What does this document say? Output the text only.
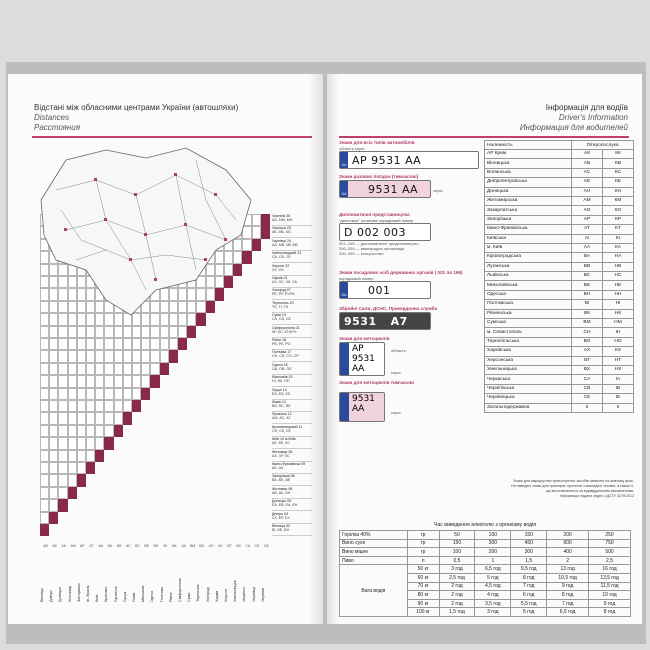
Відстані між обласними центрами України (автошляхи)
Distances
Расстояния
Вінниця
АВ
Дніпро
АЕ
Донецьк
АН
Житомир
АМ
Запоріжжя
АР
Ів.-Франк.
АТ
Київ
АА
Кропивн.
ВА
Луганськ
ВВ
Луцьк
АС
Львів
ВС
Миколаїв
ВЕ
Одеса
ВН
Полтава
ВІ
Рівне
ВК
Сімферополь
АК
Суми
ВМ
Тернопіль
ВО
Ужгород
АО
Харків
АХ
Херсон
ВТ
Хмельницьк.
ВХ
Черкаси
СА
Чернівці
СЕ
Чернігів
СВ
Чернігів 26
АА, ММ, МН
Черкаси 25
АК, МБ, МС
Чернівці 24
АА, МВ, МЕ,МЕ
Хмельницький 23
СА, СВ, СЕ
Херсон 22
ХЗ, ХН
Харків 21
АХ, ХС, ХК, ХА
Ужгород 07
РЕ, РР, РУ,РА
Тернопіль 20
ТЕ, ТІ, ТК
Суми 19
СА, СВ, СЕ
Сімферополь 01
КР, КС, КТ,КРН
Рівне 18
РВ, РК, РО
Полтава 17
СН, СН, СО, СР
Одеса 16
ОА, ОВ, ОЕ
Миколаїв 15
НІ, НК, НП
Луцьк 14
ЕА, ЕВ, ЕЕ
Львів 13
ВО, ВС, ВЕ
Луганськ 12
АМ, АС, АТ
Кропивницький 11
СН, СК, СЕ
Київ 10 м.Київ
АЕ, КЕ, КС
Житомир 06
АХ, ХР, ХС
Івано-Франківськ 09
АЕ, АК
Запоріжжя 08
ВА, ВЕ, ВЕ
Житомир 06
АВ, АК, АН
Донецьк 05
ЕА, ЕВ, ЕА, ЕН
Дніпро 04
СХ, ЕР, ЕХ
Вінниця 02
ВІ, ВЕ, ВН
Інформація для водіїв
Driver's Information
Информация для водителей
Знаки для всіх типів автомобілів
область серія
UA АР 9531 АА
Знаки разових поїздок (тимчасові)
UA 9531 АА	серія
Дипломатичні представництва
"дипломат" установа порядковий номер
D 002 003
001–199 — дипломатичне представництво
200–299 — міжнародна організація
300–399 — консульство
Знаки посадових осіб державних органів ( 001 по 199)
порядковий номер
UA 001
Збройні Сили, ДСНС, Прикордонна служба
9531 А7
Знаки для мотоциклів
АР
9531
АА
область
серія
Знаки для мотоциклів тимчасові
9531
АА	серія
Належність	Літеропослука	
АР Крим	АК	КК
Вінницька	АВ	КВ
Волинська	АС	КС
Дніпропетровська	АЕ	КЕ
Донецька	АН	КН
Житомирська	АМ	КМ
Закарпатська	АО	КО
Запорізька	АР	КР
Івано-Франківська	АТ	КТ
Київська	АІ	КІ
м. Київ	АА	КА
Кіровоградська	ВА	НА
Луганська	ВВ	НВ
Львівська	ВС	НС
Миколаївська	ВЕ	НЕ
Одеська	ВН	НН
Полтавська	ВІ	НІ
Рівненська	ВК	НК
Сумська	ВМ	НМ
м. Севастополь	СН	ІН
Тернопільська	ВО	НО
Харківська	АХ	КХ
Херсонська	ВТ	НТ
Хмельницька	ВХ	НХ
Черкаська	СА	ІА
Чернігівська	СВ	ІВ
Чернівецька	СЕ	ІЕ
Загальнодержавна	ІІ	ІІ
Знаки для маршрутних транспортних засобів нанесені на жовтому фоні.
Не наведені знаки для тракторів, причепів і самохідної техніки, а також ті,
що виготовляються за індивідуальним замовленням.
Інформація надана згідно з ДСТУ 4278:2012
Час виведення алкоголю з організму водія
Горілка 40%	гр	50	100	150	200	250
Вино сухе	гр	150	300	450	600	750
Вино міцне	гр	100	200	300	400	500
Пиво	л	0,5	1	1,5	2	2,5
Вага водія	50 кг	3 год	6,5 год	9,5 год	13 год	16 год
	60 кг	2,5 год	5 год	8 год	10,5 год	13,5 год
	70 кг	2 год	4,5 год	7 год	9 год	11,5 год
	80 кг	2 год	4 год	6 год	8 год	10 год
	90 кг	2 год	3,5 год	5,5 год	7 год	9 год
	100 кг	1,5 год	3 год	5 год	6,5 год	8 год
